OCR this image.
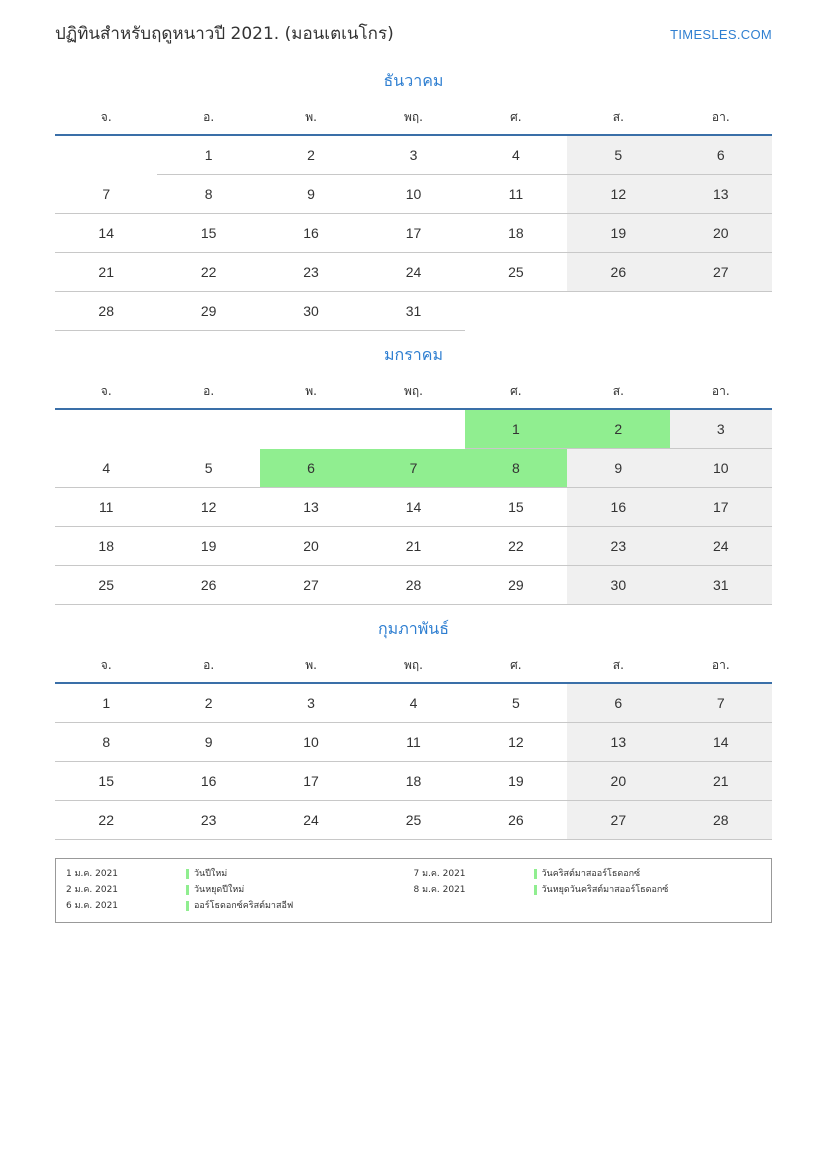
ปฏิทินสำหรับฤดูหนาวปี 2021. (มอนเตเนโกร)	TIMESLES.COM
ธันวาคม
จ.	อ.	พ.	พฤ.	ศ.	ส.	อา.
	1	2	3	4	5	6
7	8	9	10	11	12	13
14	15	16	17	18	19	20
21	22	23	24	25	26	27
28	29	30	31			
มกราคม
จ.	อ.	พ.	พฤ.	ศ.	ส.	อา.
				1	2	3
4	5	6	7	8	9	10
11	12	13	14	15	16	17
18	19	20	21	22	23	24
25	26	27	28	29	30	31
กุมภาพันธ์
จ.	อ.	พ.	พฤ.	ศ.	ส.	อา.
1	2	3	4	5	6	7
8	9	10	11	12	13	14
15	16	17	18	19	20	21
22	23	24	25	26	27	28
1 ม.ค. 2021	วันปีใหม่
2 ม.ค. 2021	วันหยุดปีใหม่
6 ม.ค. 2021	ออร์โธดอกซ์คริสต์มาสอีฟ
7 ม.ค. 2021	วันคริสต์มาสออร์โธดอกซ์
8 ม.ค. 2021	วันหยุดวันคริสต์มาสออร์โธดอกซ์
